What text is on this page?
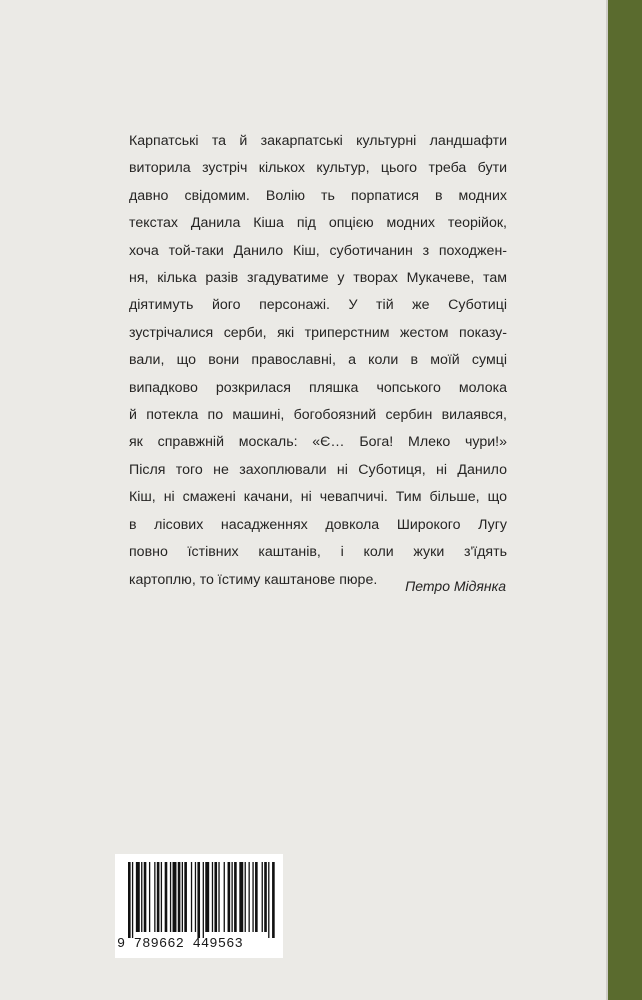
Карпатські та й закарпатські культурні ландшафти
виторила зустріч кількох культур, цього треба бути
давно свідомим. Волію ть порпатися в модних
текстах Данила Кіша під опцією модних теорійок,
хоча той-таки Данило Кіш, суботичанин з походжен-
ня, кілька разів згадуватиме у творах Мукачеве, там
діятимуть його персонажі. У тій же Суботиці
зустрічалися серби, які триперстним жестом показу-
вали, що вони православні, а коли в моїй сумці
випадково розкрилася пляшка чопського молока
й потекла по машині, богобоязний сербин вилаявся,
як справжній москаль: «Є… Бога! Млеко чури!»
Після того не захоплювали ні Суботиця, ні Данило
Кіш, ні смажені качани, ні чевапчичі. Тим більше, що
в лісових насадженнях довкола Широкого Лугу
повно їстівних каштанів, і коли жуки з'їдять
картоплю, то їстиму каштанове пюре.	Петро Мідянка
9 789662 449563
